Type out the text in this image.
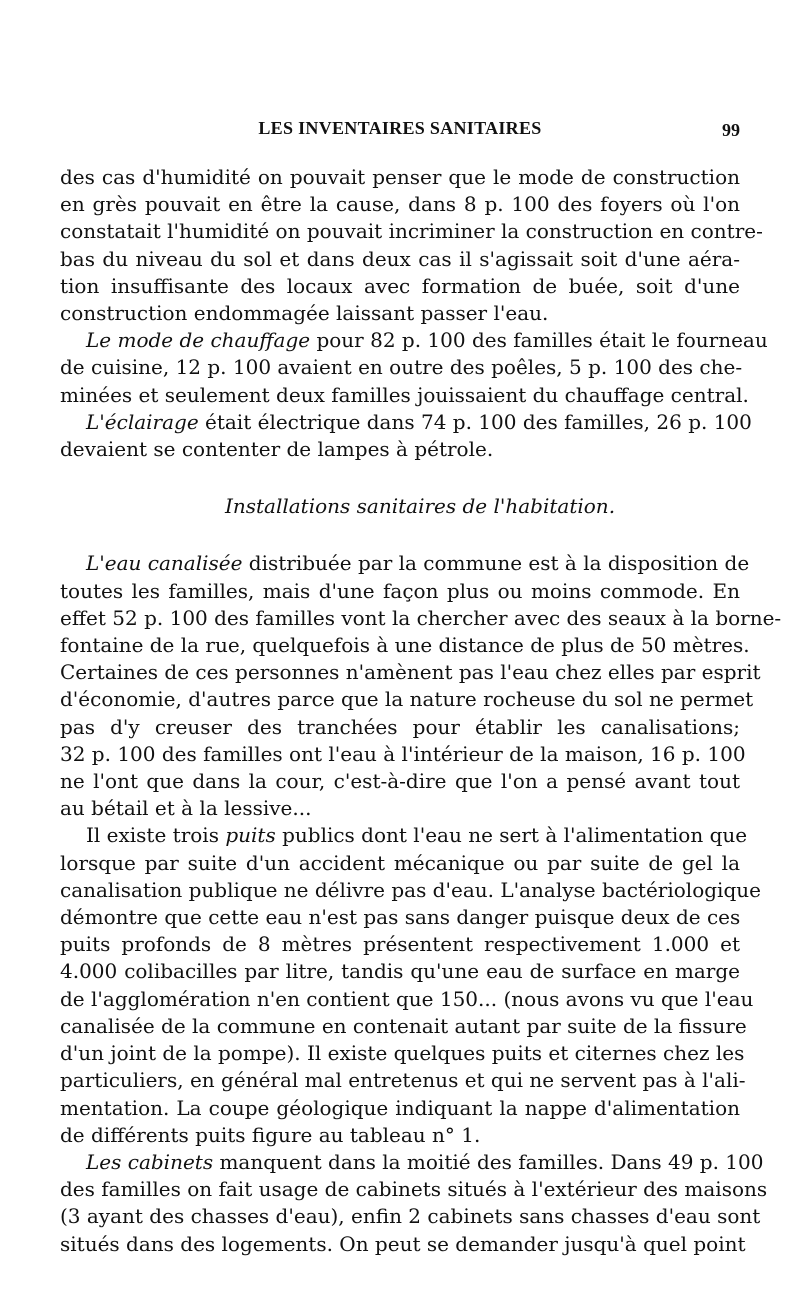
LES INVENTAIRES SANITAIRES	99
des cas d'humidité on pouvait penser que le mode de construction
en grès pouvait en être la cause, dans 8 p. 100 des foyers où l'on
constatait l'humidité on pouvait incriminer la construction en contre-
bas du niveau du sol et dans deux cas il s'agissait soit d'une aéra-
tion insuffisante des locaux avec formation de buée, soit d'une
construction endommagée laissant passer l'eau.
Le mode de chauffage pour 82 p. 100 des familles était le fourneau
de cuisine, 12 p. 100 avaient en outre des poêles, 5 p. 100 des che-
minées et seulement deux familles jouissaient du chauffage central.
L'éclairage était électrique dans 74 p. 100 des familles, 26 p. 100
devaient se contenter de lampes à pétrole.
Installations sanitaires de l'habitation.
L'eau canalisée distribuée par la commune est à la disposition de
toutes les familles, mais d'une façon plus ou moins commode. En
effet 52 p. 100 des familles vont la chercher avec des seaux à la borne-
fontaine de la rue, quelquefois à une distance de plus de 50 mètres.
Certaines de ces personnes n'amènent pas l'eau chez elles par esprit
d'économie, d'autres parce que la nature rocheuse du sol ne permet
pas d'y creuser des tranchées pour établir les canalisations;
32 p. 100 des familles ont l'eau à l'intérieur de la maison, 16 p. 100
ne l'ont que dans la cour, c'est-à-dire que l'on a pensé avant tout
au bétail et à la lessive...
Il existe trois puits publics dont l'eau ne sert à l'alimentation que
lorsque par suite d'un accident mécanique ou par suite de gel la
canalisation publique ne délivre pas d'eau. L'analyse bactériologique
démontre que cette eau n'est pas sans danger puisque deux de ces
puits profonds de 8 mètres présentent respectivement 1.000 et
4.000 colibacilles par litre, tandis qu'une eau de surface en marge
de l'agglomération n'en contient que 150... (nous avons vu que l'eau
canalisée de la commune en contenait autant par suite de la fissure
d'un joint de la pompe). Il existe quelques puits et citernes chez les
particuliers, en général mal entretenus et qui ne servent pas à l'ali-
mentation. La coupe géologique indiquant la nappe d'alimentation
de différents puits figure au tableau n° 1.
Les cabinets manquent dans la moitié des familles. Dans 49 p. 100
des familles on fait usage de cabinets situés à l'extérieur des maisons
(3 ayant des chasses d'eau), enfin 2 cabinets sans chasses d'eau sont
situés dans des logements. On peut se demander jusqu'à quel point
